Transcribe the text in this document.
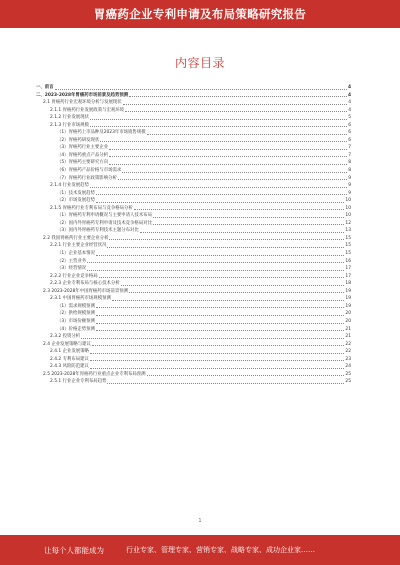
胃癌药企业专利申请及布局策略研究报告
内容目录
一、前言	4
二、2023-2028年胃癌药市场前景及趋势预测	4
2.1 胃癌药行业宏观环境分析与发展现状	4
2.1.1 胃癌药行业发展政策与宏观环境	4
2.1.2 行业发展现状	5
2.1.3 行业市场规模	6
（1）胃癌药上市品种及2023年市场销售规模	6
（2）胃癌药研发现状	6
（3）胃癌药行业主要企业	7
（4）胃癌药重点产品分析	7
（5）胃癌药主要研究方向	8
（6）胃癌药产品价格与市场需求	8
（7）胃癌药行业政策影响分析	9
2.1.4 行业发展趋势	9
（1）技术发展趋势	9
（2）市场发展趋势	10
2.1.5 胃癌药行业专利布局与竞争格局分析	10
（1）胃癌药专利申请概况与主要申请人技术布局	10
（2）国内外胃癌药专利申请及技术竞争格局对比	12
（3）国内外胃癌药专利技术主题分布对比	13
2.2 我国胃癌药行业主要企业分析	15
2.2.1 行业主要企业经营状况	15
（1）企业基本情况	15
（2）主营业务	16
（3）经营情况	17
2.2.2 行业企业竞争格局	17
2.2.3 企业专利布局与核心技术分析	18
2.3 2023-2028年中国胃癌药市场前景预测	19
2.3.1 中国胃癌药市场规模预测	19
（1）需求规模预测	19
（2）供给规模预测	20
（3）市场份额预测	20
（4）价格走势预测	21
2.3.2 投资分析	21
2.4 企业发展策略与建议	22
2.4.1 企业发展策略	22
2.4.2 专利布局建议	23
2.4.3 风险防范建议	24
2.5 2023-2028年胃癌药行业重点企业专利布局预测	25
2.5.1 行业企业专利布局趋势	25
1
让每个人都能成为	行业专家、管理专家、营销专家、战略专家、成功企业家……
